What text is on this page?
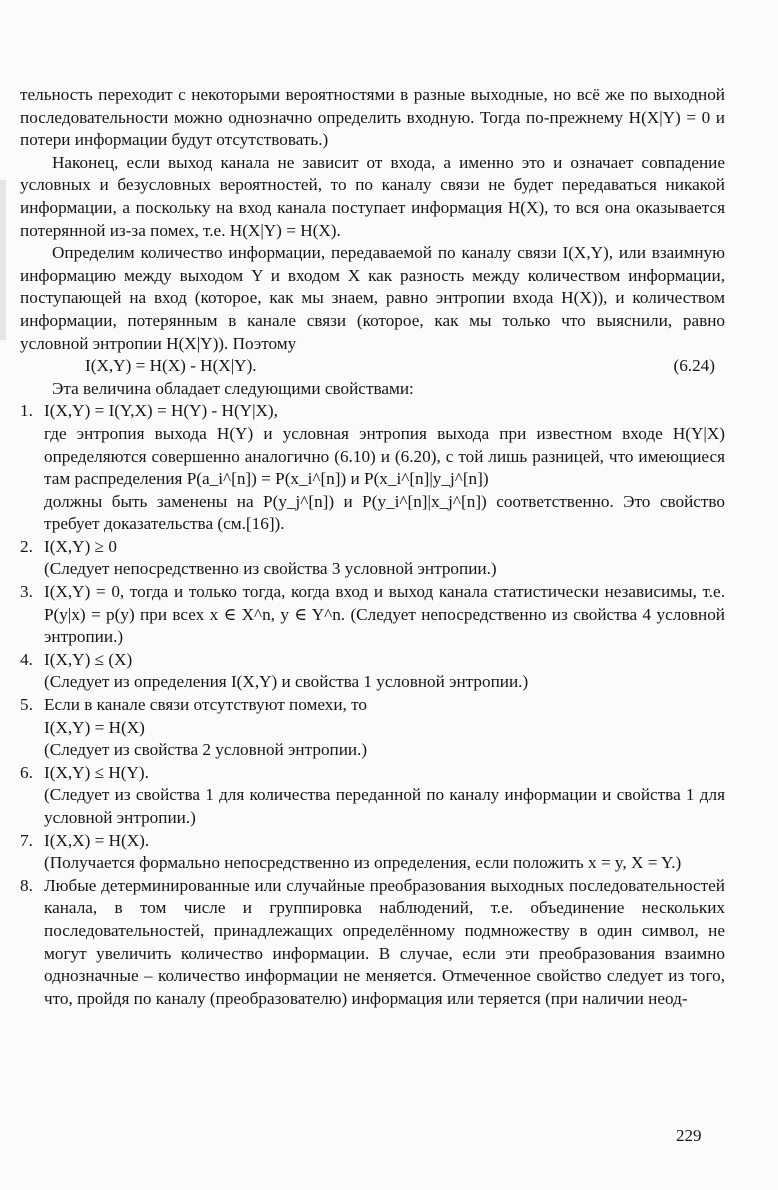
тельность переходит с некоторыми вероятностями в разные выходные, но всё же по выходной последовательности можно однозначно определить входную. Тогда по-прежнему H(X|Y) = 0 и потери информации будут отсутствовать.)

Наконец, если выход канала не зависит от входа, а именно это и означает совпадение условных и безусловных вероятностей, то по каналу связи не будет передаваться никакой информации, а поскольку на вход канала поступает информация H(X), то вся она оказывается потерянной из-за помех, т.е. H(X|Y) = H(X).

Определим количество информации, передаваемой по каналу связи I(X,Y), или взаимную информацию между выходом Y и входом X как разность между количеством информации, поступающей на вход (которое, как мы знаем, равно энтропии входа H(X)), и количеством информации, потерянным в канале связи (которое, как мы только что выяснили, равно условной энтропии H(X|Y)). Поэтому

I(X,Y) = H(X) - H(X|Y).	(6.24)

Эта величина обладает следующими свойствами:

1. I(X,Y) = I(Y,X) = H(Y) - H(Y|X),

где энтропия выхода H(Y) и условная энтропия выхода при известном входе H(Y|X) определяются совершенно аналогично (6.10) и (6.20), с той лишь разницей, что имеющиеся там распределения P(a_i^[n]) = P(x_i^[n]) и P(x_i^[n]|y_j^[n])

должны быть заменены на P(y_j^[n]) и P(y_i^[n]|x_j^[n]) соответственно. Это свойство требует доказательства (см.[16]).

2. I(X,Y) ≥ 0

(Следует непосредственно из свойства 3 условной энтропии.)

3. I(X,Y) = 0, тогда и только тогда, когда вход и выход канала статистически независимы, т.е. P(y|x) = p(y) при всех x ∈ X^n, y ∈ Y^n. (Следует непосредственно из свойства 4 условной энтропии.)

4. I(X,Y) ≤ (X)

(Следует из определения I(X,Y) и свойства 1 условной энтропии.)

5. Если в канале связи отсутствуют помехи, то

I(X,Y) = H(X)

(Следует из свойства 2 условной энтропии.)

6. I(X,Y) ≤ H(Y).

(Следует из свойства 1 для количества переданной по каналу информации и свойства 1 для условной энтропии.)

7. I(X,X) = H(X).

(Получается формально непосредственно из определения, если положить x = y, X = Y.)

8. Любые детерминированные или случайные преобразования выходных последовательностей канала, в том числе и группировка наблюдений, т.е. объединение нескольких последовательностей, принадлежащих определённому подмножеству в один символ, не могут увеличить количество информации. В случае, если эти преобразования взаимно однозначные – количество информации не меняется. Отмеченное свойство следует из того, что, пройдя по каналу (преобразователю) информация или теряется (при наличии неод-

229
